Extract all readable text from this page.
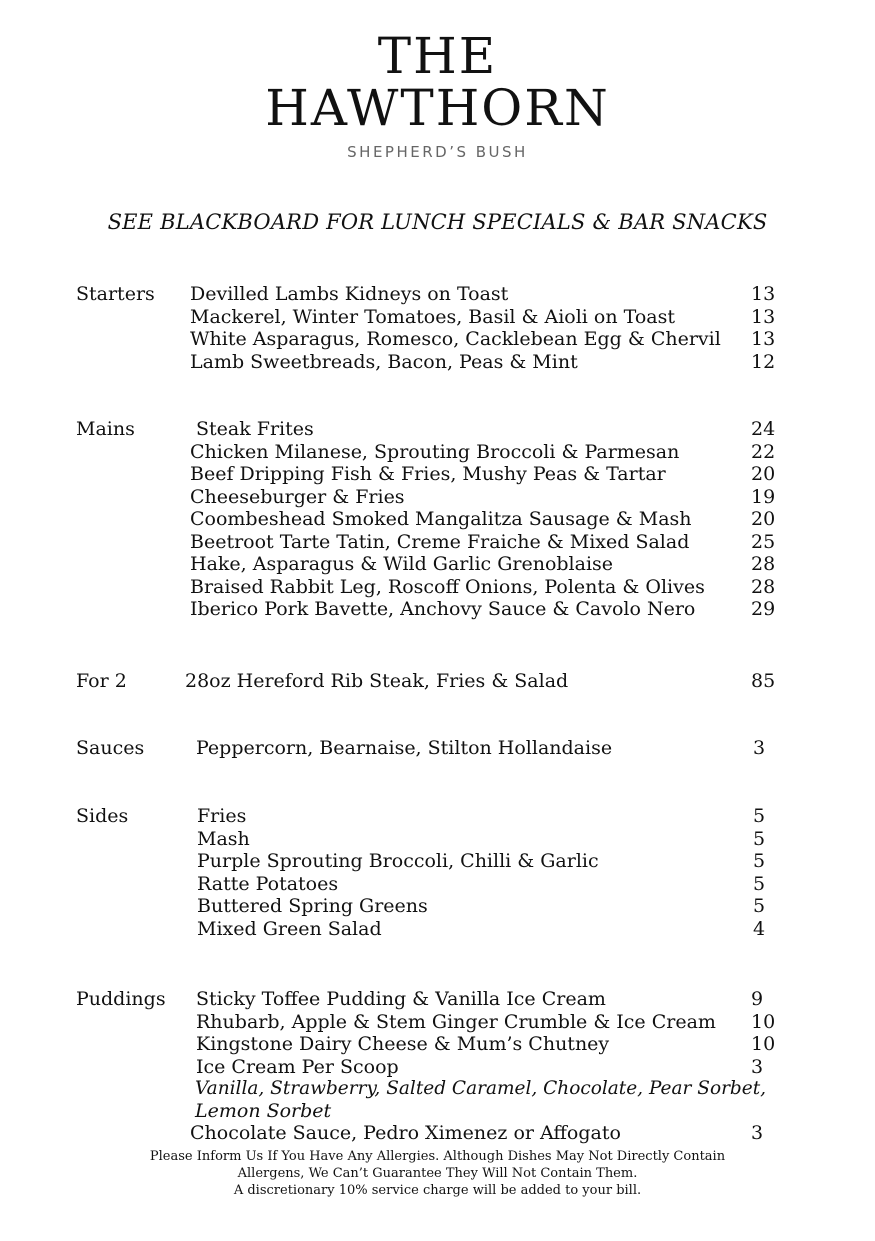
THE
HAWTHORN
SHEPHERD’S BUSH
SEE BLACKBOARD FOR LUNCH SPECIALS & BAR SNACKS
Starters Devilled Lambs Kidneys on Toast	13
Mackerel, Winter Tomatoes, Basil & Aioli on Toast	13
White Asparagus, Romesco, Cacklebean Egg & Chervil 13
Lamb Sweetbreads, Bacon, Peas & Mint	12
Mains	Steak Frites	24
Chicken Milanese, Sprouting Broccoli & Parmesan	22
Beef Dripping Fish & Fries, Mushy Peas & Tartar	20
Cheeseburger & Fries	19
Coombeshead Smoked Mangalitza Sausage & Mash	20
Beetroot Tarte Tatin, Creme Fraiche & Mixed Salad	25
Hake, Asparagus & Wild Garlic Grenoblaise	28
Braised Rabbit Leg, Roscoff Onions, Polenta & Olives 28
Iberico Pork Bavette, Anchovy Sauce & Cavolo Nero	29
For 2	28oz Hereford Rib Steak, Fries & Salad	85
Sauces	Peppercorn, Bearnaise, Stilton Hollandaise	3
Sides	Fries	5
Mash	5
Purple Sprouting Broccoli, Chilli & Garlic	5
Ratte Potatoes	5
Buttered Spring Greens	5
Mixed Green Salad	4
Puddings Sticky Toffee Pudding & Vanilla Ice Cream	9
Rhubarb, Apple & Stem Ginger Crumble & Ice Cream 10
Kingstone Dairy Cheese & Mum’s Chutney	10
Ice Cream Per Scoop	3
Vanilla, Strawberry, Salted Caramel, Chocolate, Pear Sorbet,
Lemon Sorbet
Chocolate Sauce, Pedro Ximenez or Affogato	3
Please Inform Us If You Have Any Allergies. Although Dishes May Not Directly Contain
Allergens, We Can’t Guarantee They Will Not Contain Them.
A discretionary 10% service charge will be added to your bill.
